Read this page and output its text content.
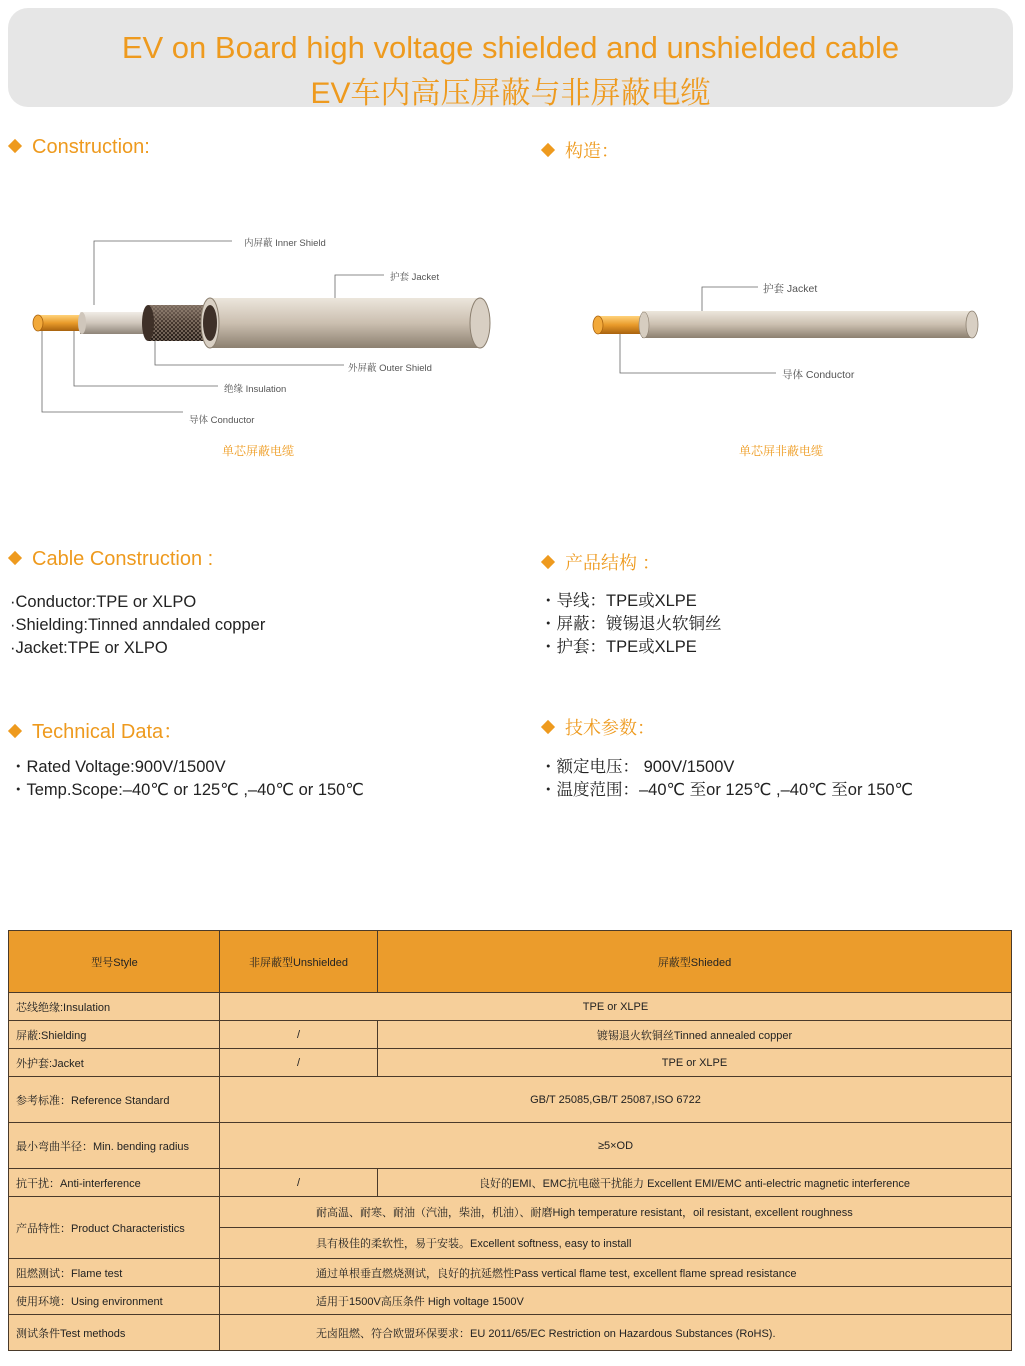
EV on Board high voltage shielded and unshielded cable
EV车内高压屏蔽与非屏蔽电缆
Construction:	构造：
内屏蔽 Inner Shield
护套 Jacket
外屏蔽 Outer Shield
绝缘 Insulation
导体 Conductor
单芯屏蔽电缆
护套 Jacket
导体 Conductor
单芯屏非蔽电缆
Cable Construction :	产品结构 ：
·Conductor:TPE or XLPO
·Shielding:Tinned anndaled copper
·Jacket:TPE or XLPO
・导线：TPE或XLPE
・屏蔽：镀锡退火软铜丝
・护套：TPE或XLPE
Technical Data：	技术参数：
・Rated Voltage:900V/1500V
・Temp.Scope:–40℃ or 125℃ ,–40℃ or 150℃
・额定电压： 900V/1500V
・温度范围：–40℃ 至or 125℃ ,–40℃ 至or 150℃
型号Style	非屏蔽型Unshielded	屏蔽型Shieded
芯线绝缘:Insulation	TPE or XLPE	
屏蔽:Shielding	/	镀锡退火软铜丝Tinned annealed copper
外护套:Jacket	/	TPE or XLPE
参考标准：Reference Standard	GB/T 25085,GB/T 25087,ISO 6722	
最小弯曲半径：Min. bending radius	≥5×OD	
抗干扰：Anti-interference	/	良好的EMI、EMC抗电磁干扰能力 Excellent EMI/EMC anti-electric magnetic interference
产品特性：Product Characteristics	耐高温、耐寒、耐油（汽油，柴油，机油）、耐磨High temperature resistant，oil resistant, excellent roughness	
	具有极佳的柔软性，易于安装。Excellent softness, easy to install	
阻燃测试：Flame test	通过单根垂直燃烧测试，良好的抗延燃性Pass vertical flame test, excellent flame spread resistance	
使用环境：Using environment	适用于1500V高压条件 High voltage 1500V	
测试条件Test methods	无卤阻燃、符合欧盟环保要求：EU 2011/65/EC Restriction on Hazardous Substances (RoHS).	
